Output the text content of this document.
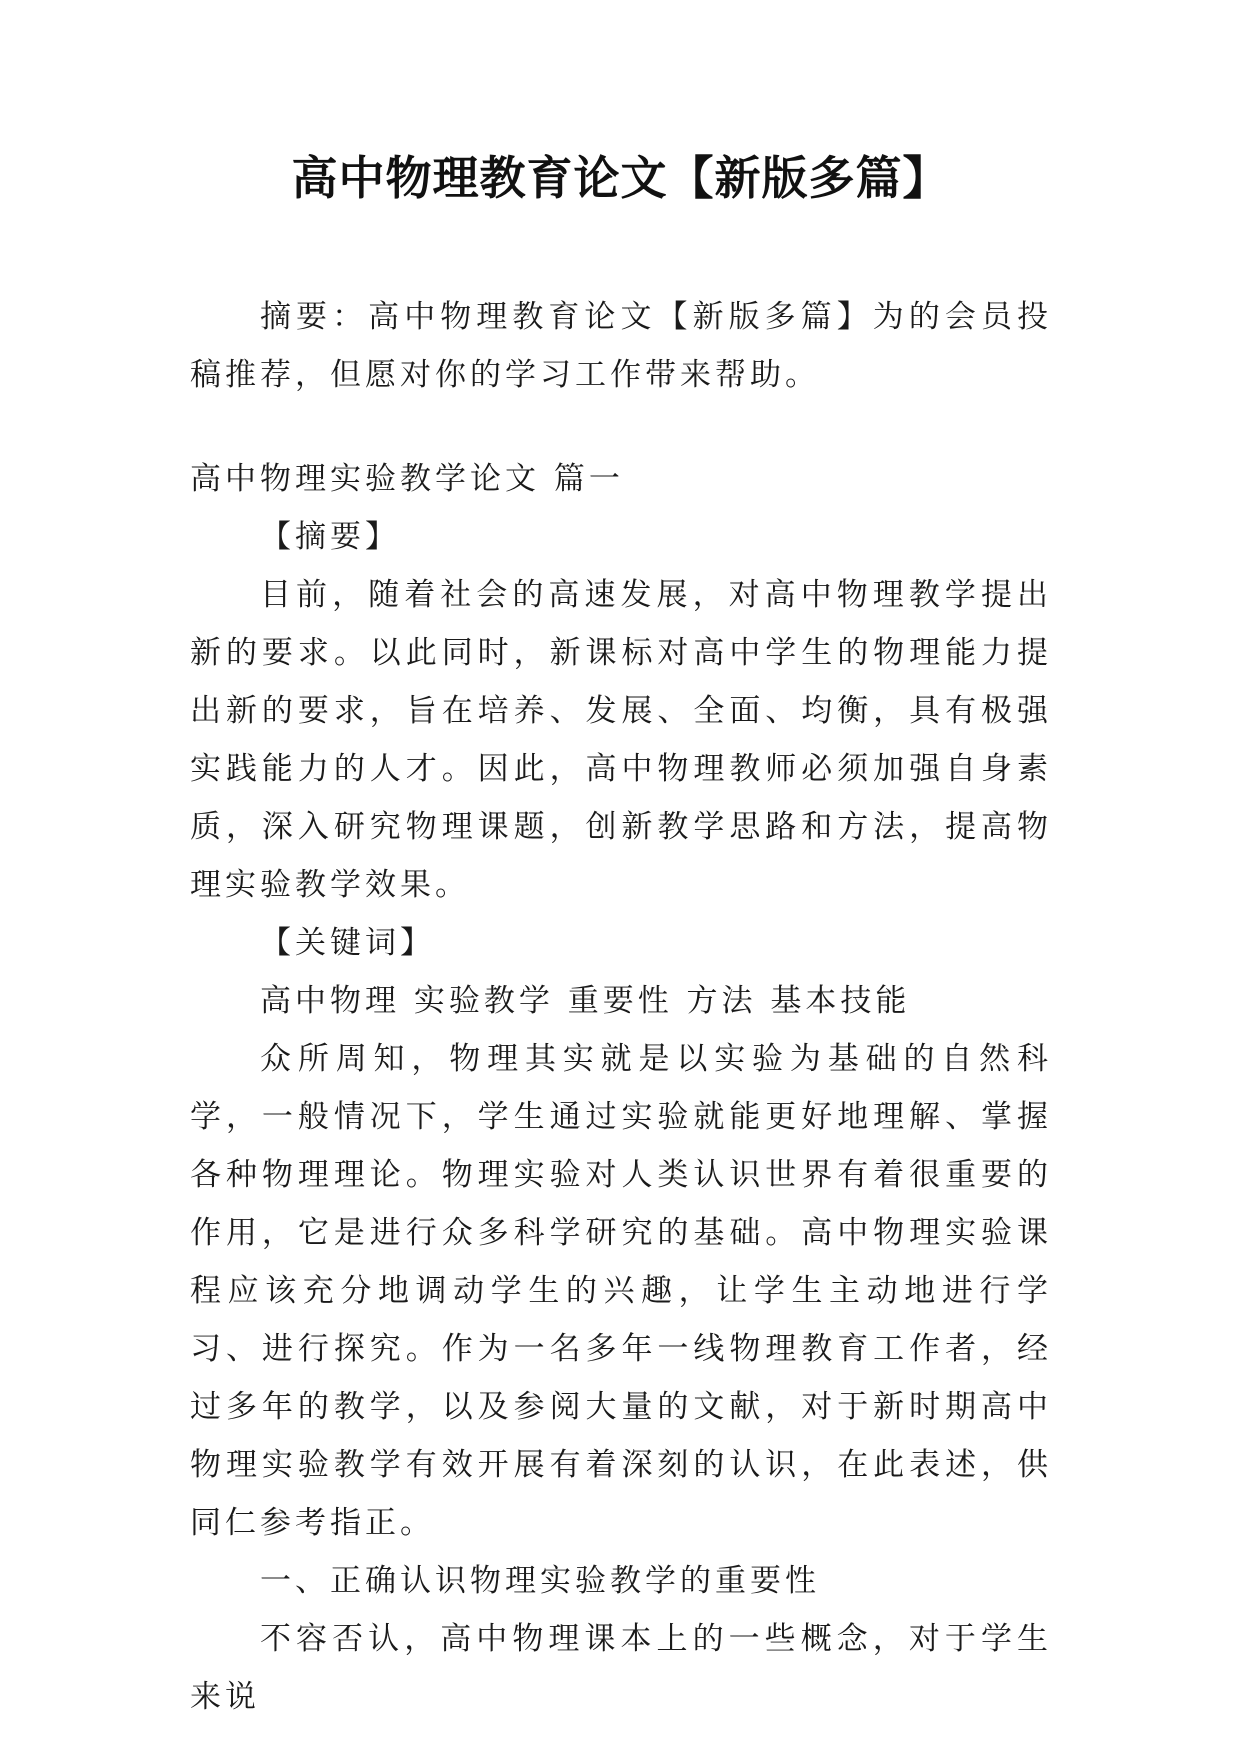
高中物理教育论文【新版多篇】

摘要：高中物理教育论文【新版多篇】为的会员投稿推荐，但愿对你的学习工作带来帮助。

高中物理实验教学论文 篇一

【摘要】

目前，随着社会的高速发展，对高中物理教学提出新的要求。以此同时，新课标对高中学生的物理能力提出新的要求，旨在培养、发展、全面、均衡，具有极强实践能力的人才。因此，高中物理教师必须加强自身素质，深入研究物理课题，创新教学思路和方法，提高物理实验教学效果。

【关键词】

高中物理 实验教学 重要性 方法 基本技能

众所周知，物理其实就是以实验为基础的自然科学，一般情况下，学生通过实验就能更好地理解、掌握各种物理理论。物理实验对人类认识世界有着很重要的作用，它是进行众多科学研究的基础。高中物理实验课程应该充分地调动学生的兴趣，让学生主动地进行学习、进行探究。作为一名多年一线物理教育工作者，经过多年的教学，以及参阅大量的文献，对于新时期高中物理实验教学有效开展有着深刻的认识，在此表述，供同仁参考指正。

一、正确认识物理实验教学的重要性

不容否认，高中物理课本上的一些概念，对于学生来说
